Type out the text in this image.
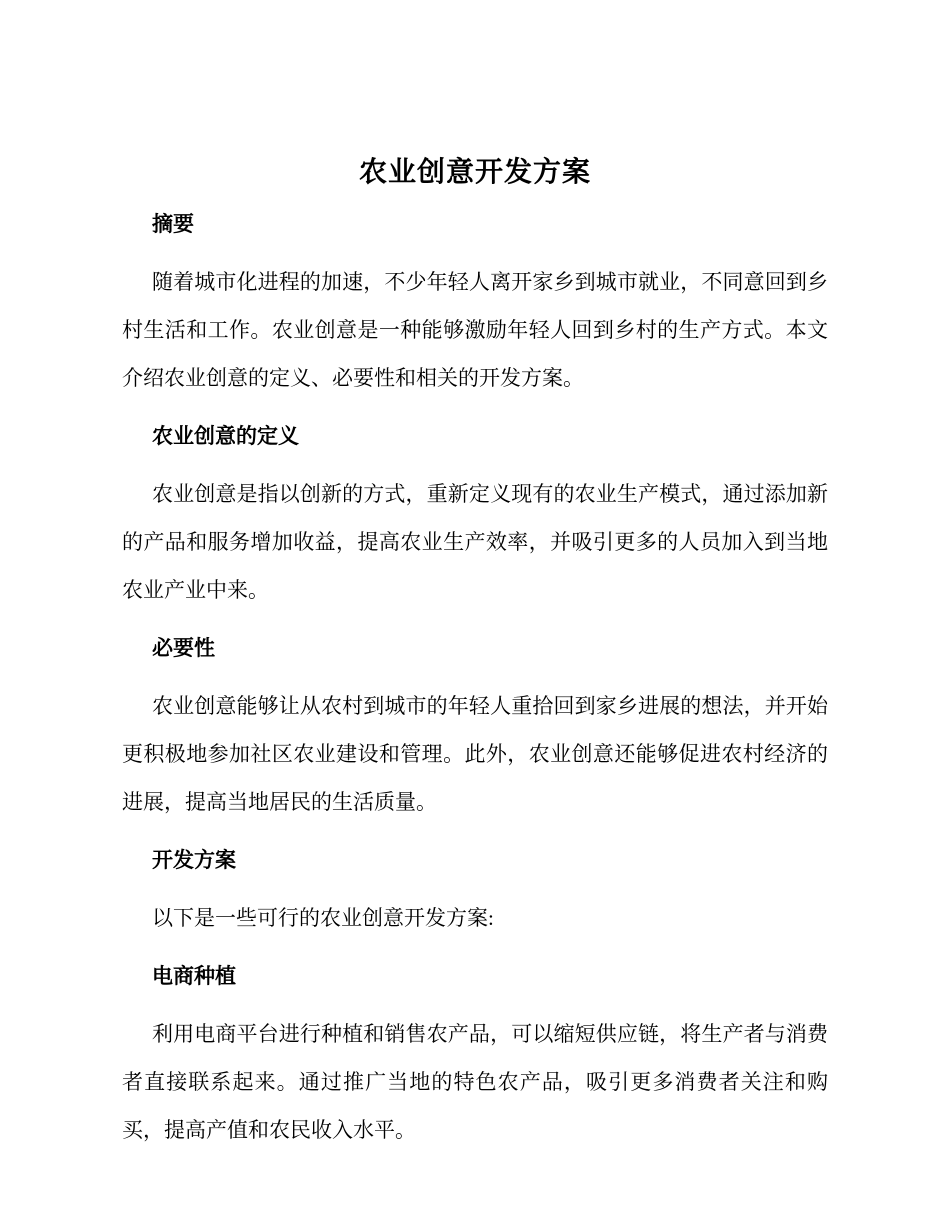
农业创意开发方案
摘要

随着城市化进程的加速，不少年轻人离开家乡到城市就业，不同意回到乡村生活和工作。农业创意是一种能够激励年轻人回到乡村的生产方式。本文介绍农业创意的定义、必要性和相关的开发方案。

农业创意的定义

农业创意是指以创新的方式，重新定义现有的农业生产模式，通过添加新的产品和服务增加收益，提高农业生产效率，并吸引更多的人员加入到当地农业产业中来。

必要性

农业创意能够让从农村到城市的年轻人重拾回到家乡进展的想法，并开始更积极地参加社区农业建设和管理。此外，农业创意还能够促进农村经济的进展，提高当地居民的生活质量。

开发方案

以下是一些可行的农业创意开发方案:

电商种植

利用电商平台进行种植和销售农产品，可以缩短供应链，将生产者与消费者直接联系起来。通过推广当地的特色农产品，吸引更多消费者关注和购买，提高产值和农民收入水平。
